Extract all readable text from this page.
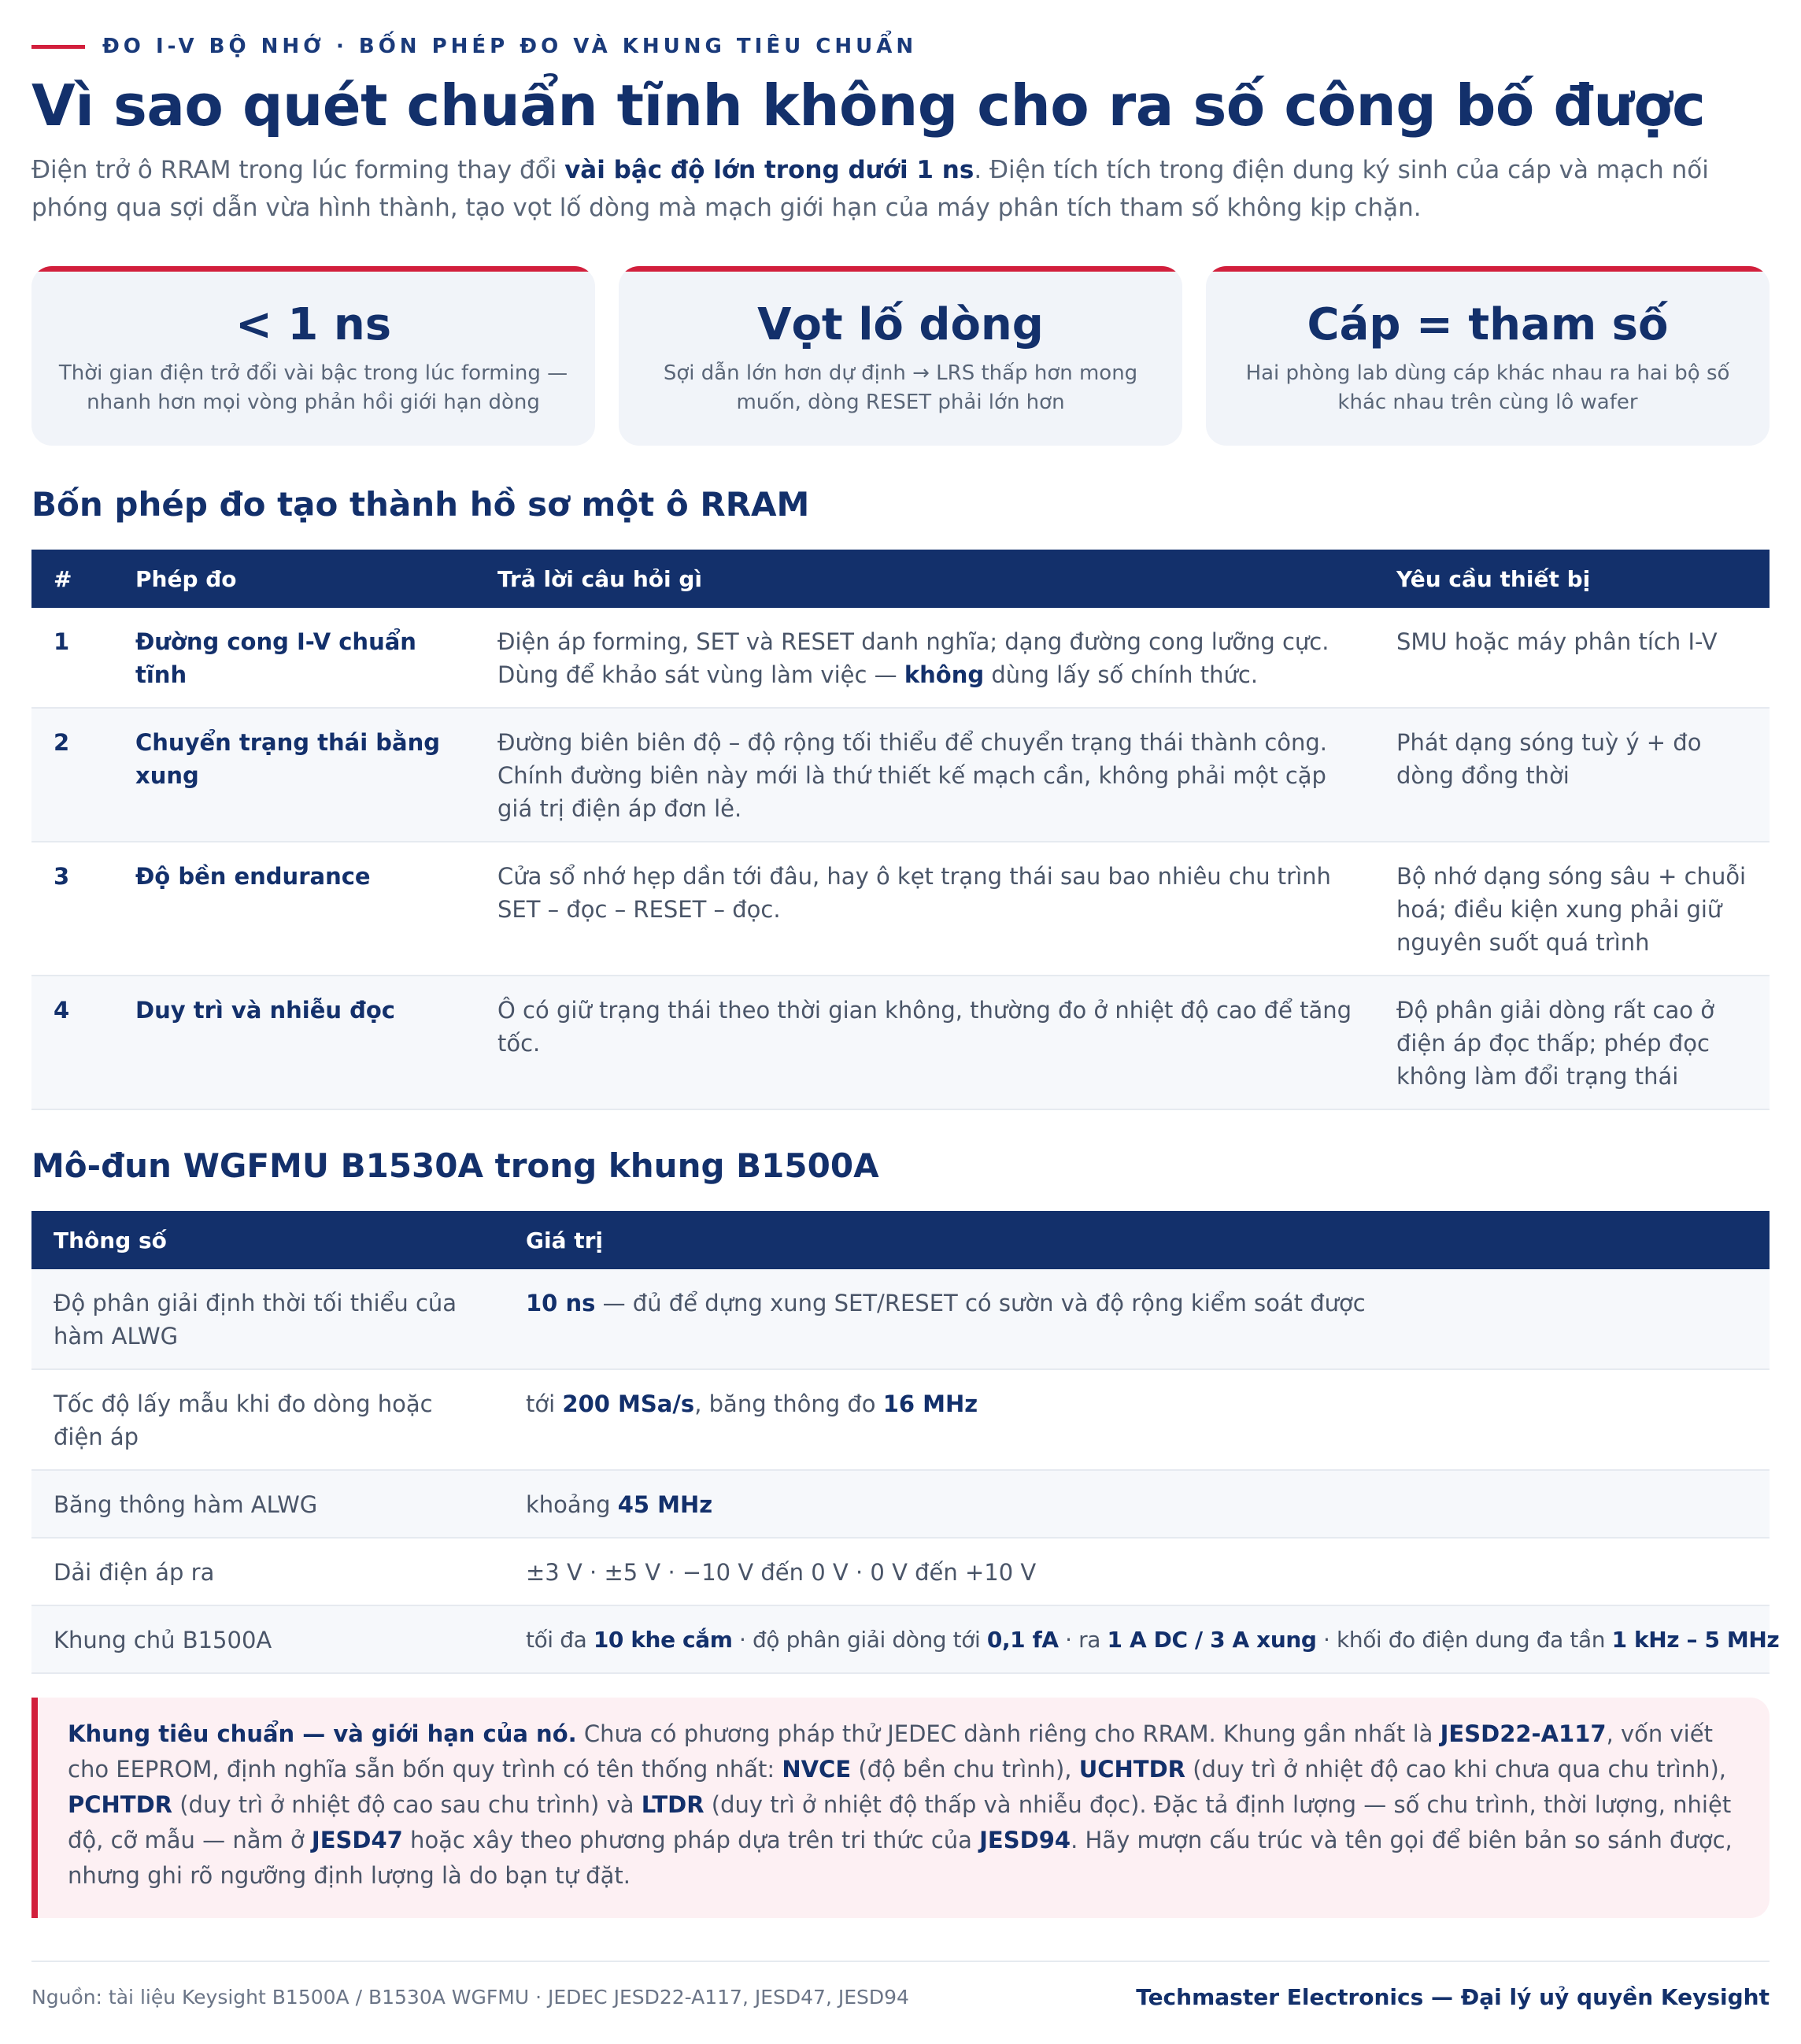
ĐO I-V BỘ NHỚ · BỐN PHÉP ĐO VÀ KHUNG TIÊU CHUẨN
Vì sao quét chuẩn tĩnh không cho ra số công bố được

Điện trở ô RRAM trong lúc forming thay đổi vài bậc độ lớn trong dưới 1 ns. Điện tích tích trong điện dung ký sinh của cáp và mạch nối phóng qua sợi dẫn vừa hình thành, tạo vọt lố dòng mà mạch giới hạn của máy phân tích tham số không kịp chặn.

< 1 ns
Thời gian điện trở đổi vài bậc trong lúc forming — nhanh hơn mọi vòng phản hồi giới hạn dòng
Vọt lố dòng
Sợi dẫn lớn hơn dự định → LRS thấp hơn mong muốn, dòng RESET phải lớn hơn
Cáp = tham số
Hai phòng lab dùng cáp khác nhau ra hai bộ số khác nhau trên cùng lô wafer
Bốn phép đo tạo thành hồ sơ một ô RRAM
#	Phép đo	Trả lời câu hỏi gì	Yêu cầu thiết bị
1	Đường cong I-V chuẩn tĩnh	Điện áp forming, SET và RESET danh nghĩa; dạng đường cong lưỡng cực. Dùng để khảo sát vùng làm việc — không dùng lấy số chính thức.	SMU hoặc máy phân tích I-V
2	Chuyển trạng thái bằng xung	Đường biên biên độ – độ rộng tối thiểu để chuyển trạng thái thành công. Chính đường biên này mới là thứ thiết kế mạch cần, không phải một cặp giá trị điện áp đơn lẻ.	Phát dạng sóng tuỳ ý + đo dòng đồng thời
3	Độ bền endurance	Cửa sổ nhớ hẹp dần tới đâu, hay ô kẹt trạng thái sau bao nhiêu chu trình SET – đọc – RESET – đọc.	Bộ nhớ dạng sóng sâu + chuỗi hoá; điều kiện xung phải giữ nguyên suốt quá trình
4	Duy trì và nhiễu đọc	Ô có giữ trạng thái theo thời gian không, thường đo ở nhiệt độ cao để tăng tốc.	Độ phân giải dòng rất cao ở điện áp đọc thấp; phép đọc không làm đổi trạng thái
Mô-đun WGFMU B1530A trong khung B1500A
Thông số	Giá trị
Độ phân giải định thời tối thiểu của hàm ALWG	10 ns — đủ để dựng xung SET/RESET có sườn và độ rộng kiểm soát được
Tốc độ lấy mẫu khi đo dòng hoặc điện áp	tới 200 MSa/s, băng thông đo 16 MHz
Băng thông hàm ALWG	khoảng 45 MHz
Dải điện áp ra	±3 V · ±5 V · −10 V đến 0 V · 0 V đến +10 V
Khung chủ B1500A	tối đa 10 khe cắm · độ phân giải dòng tới 0,1 fA · ra 1 A DC / 3 A xung · khối đo điện dung đa tần 1 kHz – 5 MHz

Khung tiêu chuẩn — và giới hạn của nó. Chưa có phương pháp thử JEDEC dành riêng cho RRAM. Khung gần nhất là JESD22-A117, vốn viết cho EEPROM, định nghĩa sẵn bốn quy trình có tên thống nhất: NVCE (độ bền chu trình), UCHTDR (duy trì ở nhiệt độ cao khi chưa qua chu trình), PCHTDR (duy trì ở nhiệt độ cao sau chu trình) và LTDR (duy trì ở nhiệt độ thấp và nhiễu đọc). Đặc tả định lượng — số chu trình, thời lượng, nhiệt độ, cỡ mẫu — nằm ở JESD47 hoặc xây theo phương pháp dựa trên tri thức của JESD94. Hãy mượn cấu trúc và tên gọi để biên bản so sánh được, nhưng ghi rõ ngưỡng định lượng là do bạn tự đặt.

Nguồn: tài liệu Keysight B1500A / B1530A WGFMU · JEDEC JESD22-A117, JESD47, JESD94	Techmaster Electronics — Đại lý uỷ quyền Keysight
